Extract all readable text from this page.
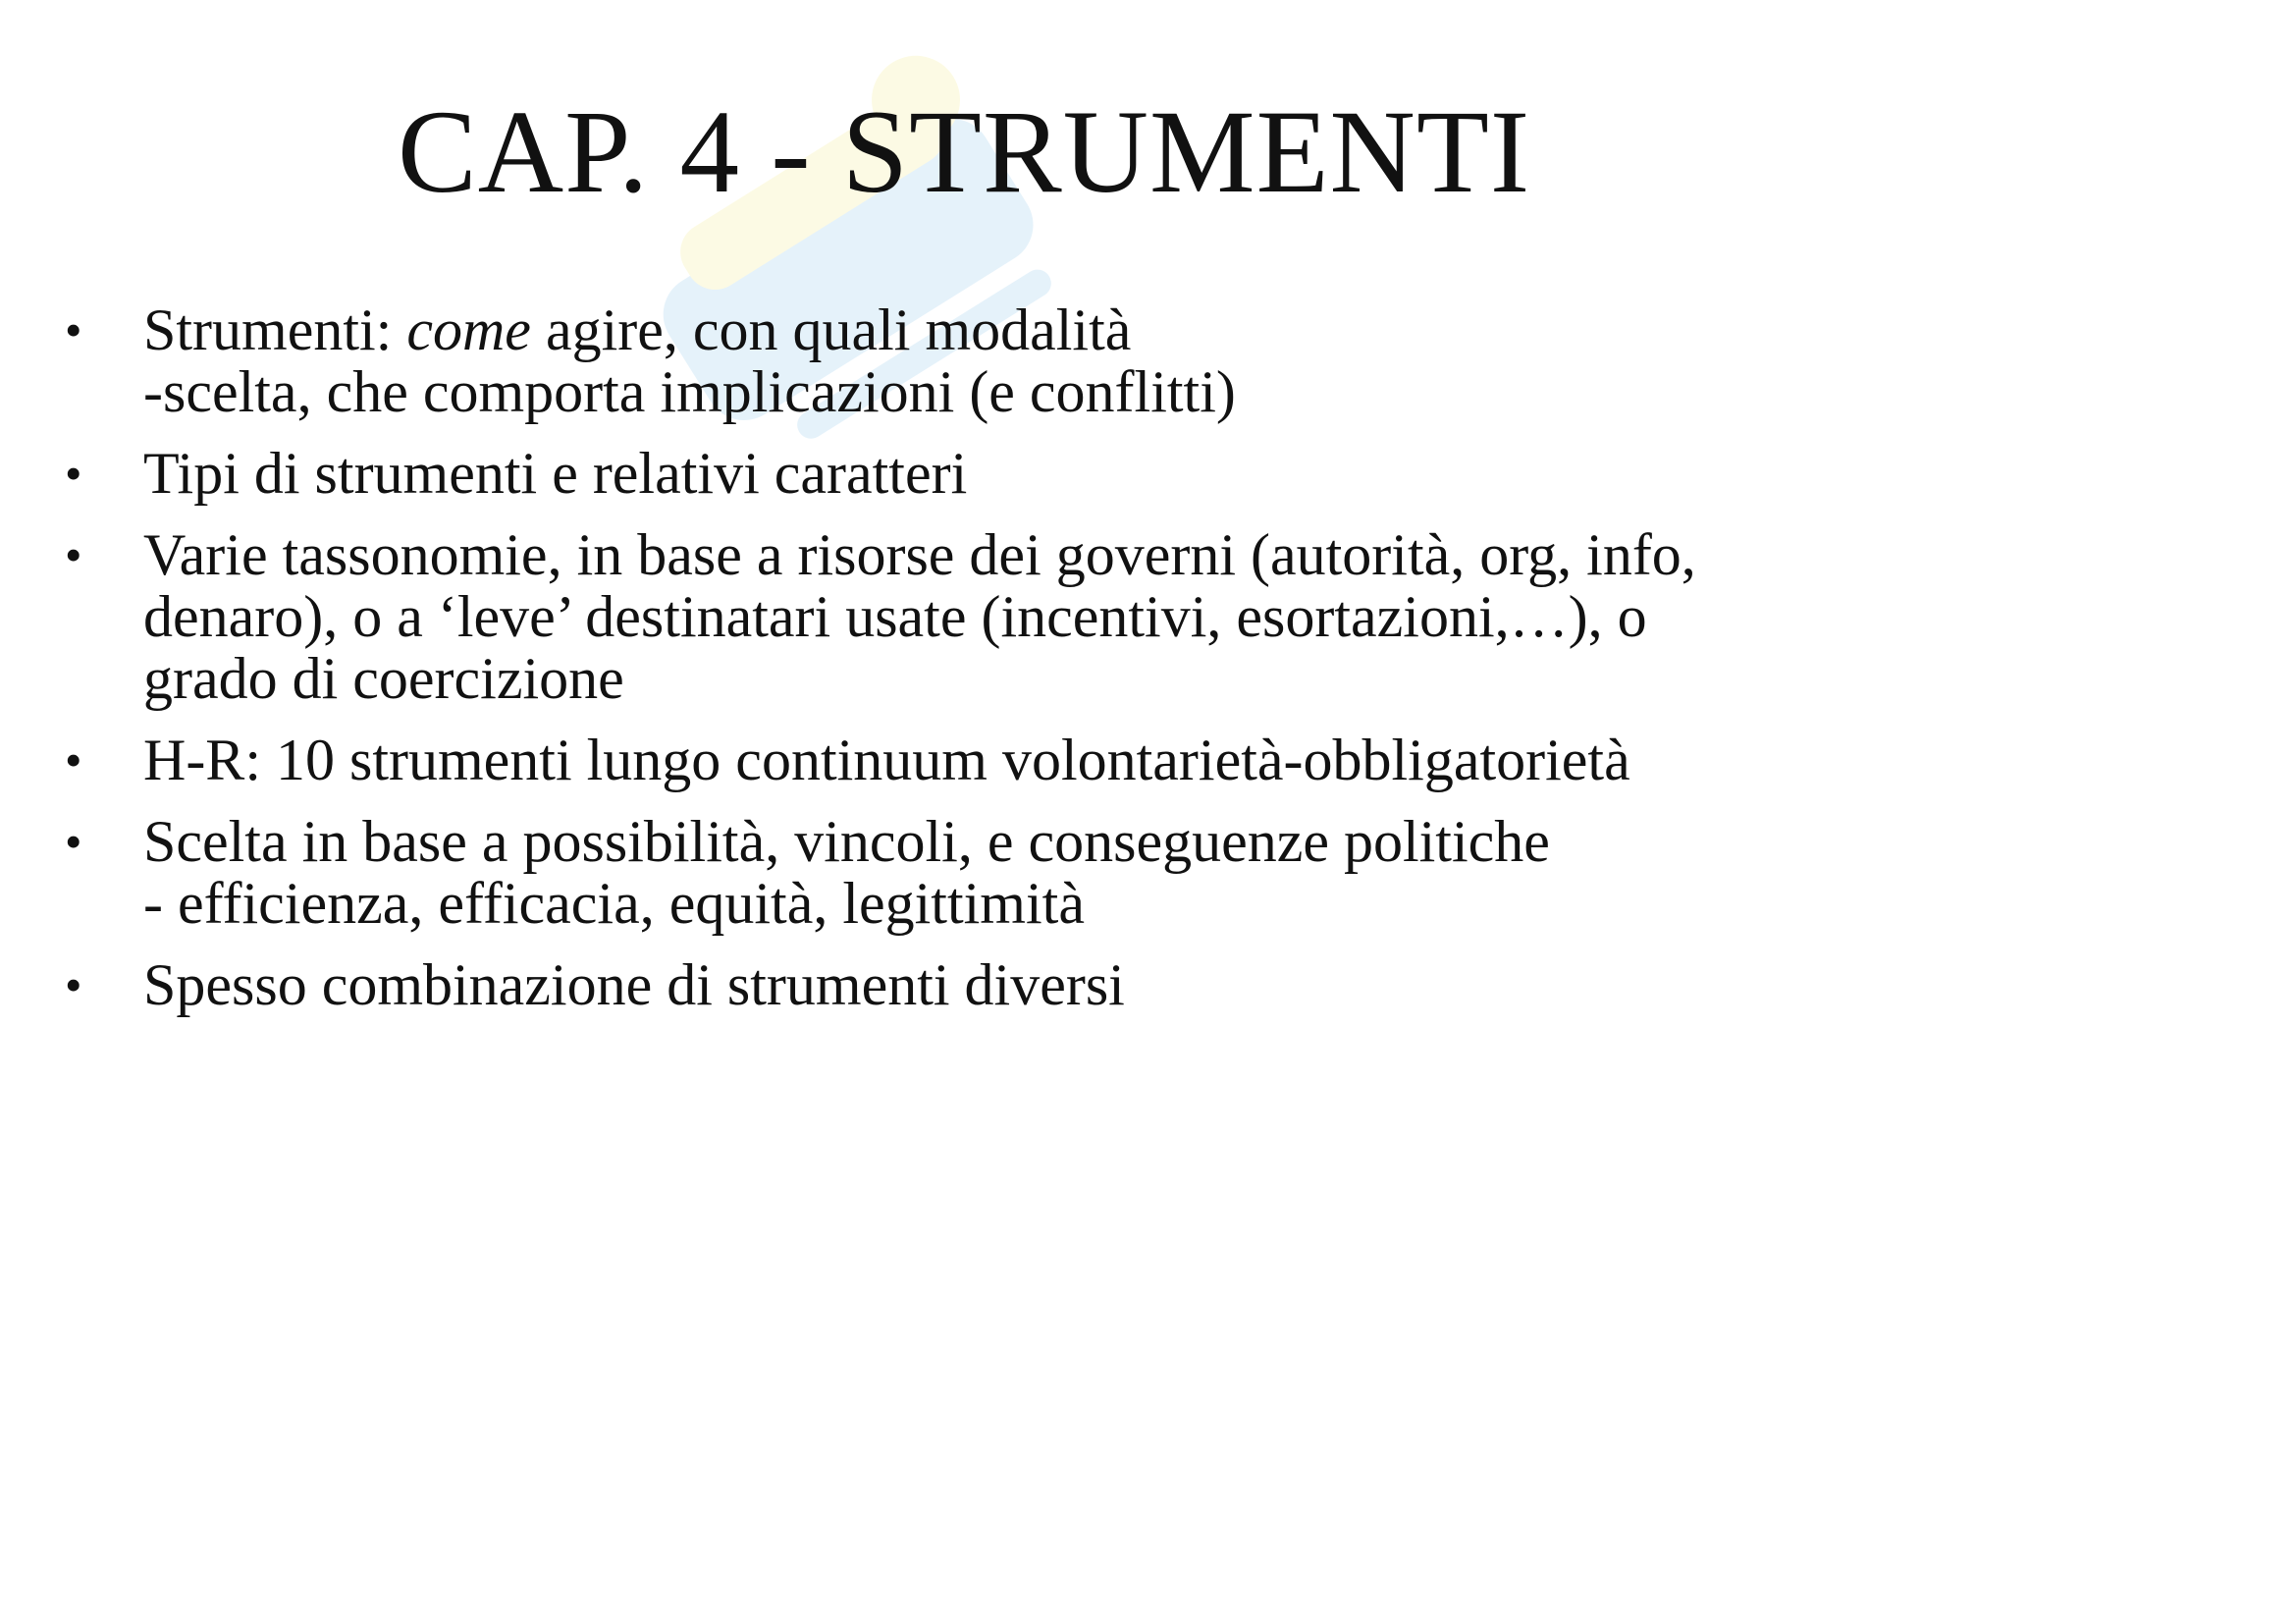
CAP. 4 - STRUMENTI
• Strumenti: come agire, con quali modalità
-scelta, che comporta implicazioni (e conflitti)
• Tipi di strumenti e relativi caratteri
• Varie tassonomie, in base a risorse dei governi (autorità, org, info,
denaro), o a ‘leve’ destinatari usate (incentivi, esortazioni,…), o
grado di coercizione
• H-R: 10 strumenti lungo continuum volontarietà-obbligatorietà
• Scelta in base a possibilità, vincoli, e conseguenze politiche
- efficienza, efficacia, equità, legittimità
• Spesso combinazione di strumenti diversi
